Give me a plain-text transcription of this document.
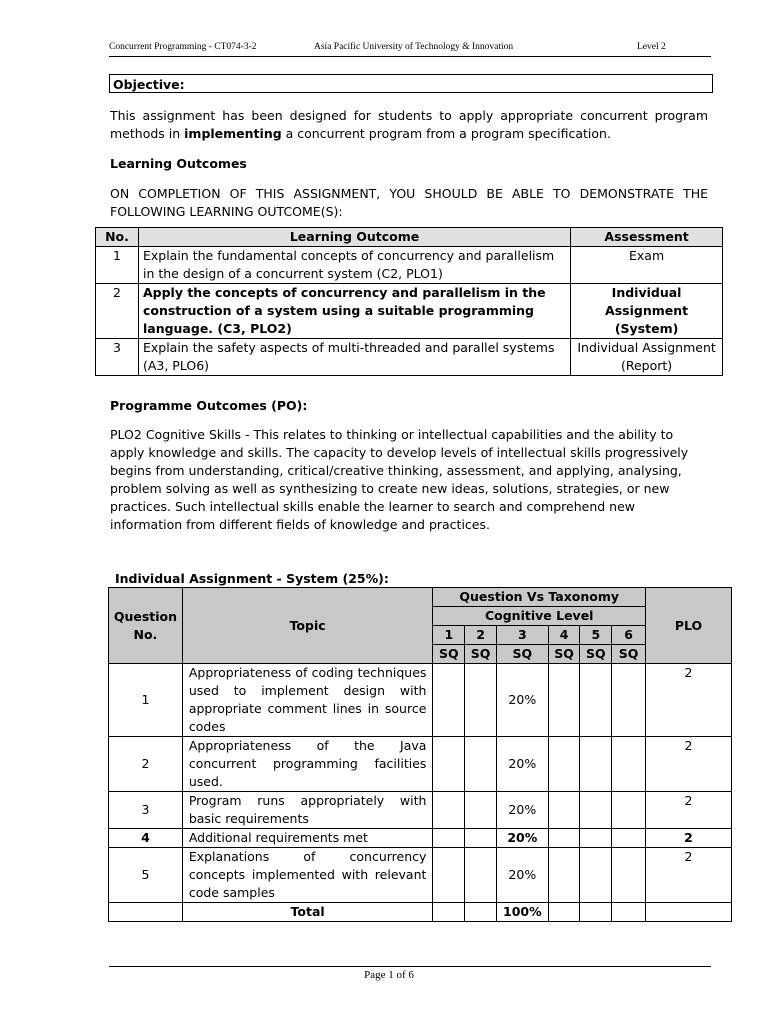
Concurrent Programming - CT074-3-2	Asia Pacific University of Technology & Innovation	Level 2
Objective:
This assignment has been designed for students to apply appropriate concurrent program methods in implementing a concurrent program from a program specification.
Learning Outcomes
ON COMPLETION OF THIS ASSIGNMENT, YOU SHOULD BE ABLE TO DEMONSTRATE THE FOLLOWING LEARNING OUTCOME(S):
No.	Learning Outcome	Assessment
1	Explain the fundamental concepts of concurrency and parallelism in the design of a concurrent system (C2, PLO1)	Exam
2	Apply the concepts of concurrency and parallelism in the construction of a system using a suitable programming language. (C3, PLO2)	Individual Assignment (System)
3	Explain the safety aspects of multi-threaded and parallel systems (A3, PLO6)	Individual Assignment (Report)
Programme Outcomes (PO):
PLO2 Cognitive Skills - This relates to thinking or intellectual capabilities and the ability to apply knowledge and skills. The capacity to develop levels of intellectual skills progressively begins from understanding, critical/creative thinking, assessment, and applying, analysing, problem solving as well as synthesizing to create new ideas, solutions, strategies, or new practices. Such intellectual skills enable the learner to search and comprehend new information from different fields of knowledge and practices.
Individual Assignment - System (25%):
Question No.	Topic	Question Vs Taxonomy						PLO
		Cognitive Level						
		1	2	3	4	5	6	
		SQ	SQ	SQ	SQ	SQ	SQ	
1	Appropriateness of coding techniques used to implement design with appropriate comment lines in source codes			20%				2
2	Appropriateness of the Java concurrent programming facilities used.			20%				2
3	Program runs appropriately with basic requirements			20%				2
4	Additional requirements met			20%				2
5	Explanations of concurrency concepts implemented with relevant code samples			20%				2
	Total			100%				
Page 1 of 6
